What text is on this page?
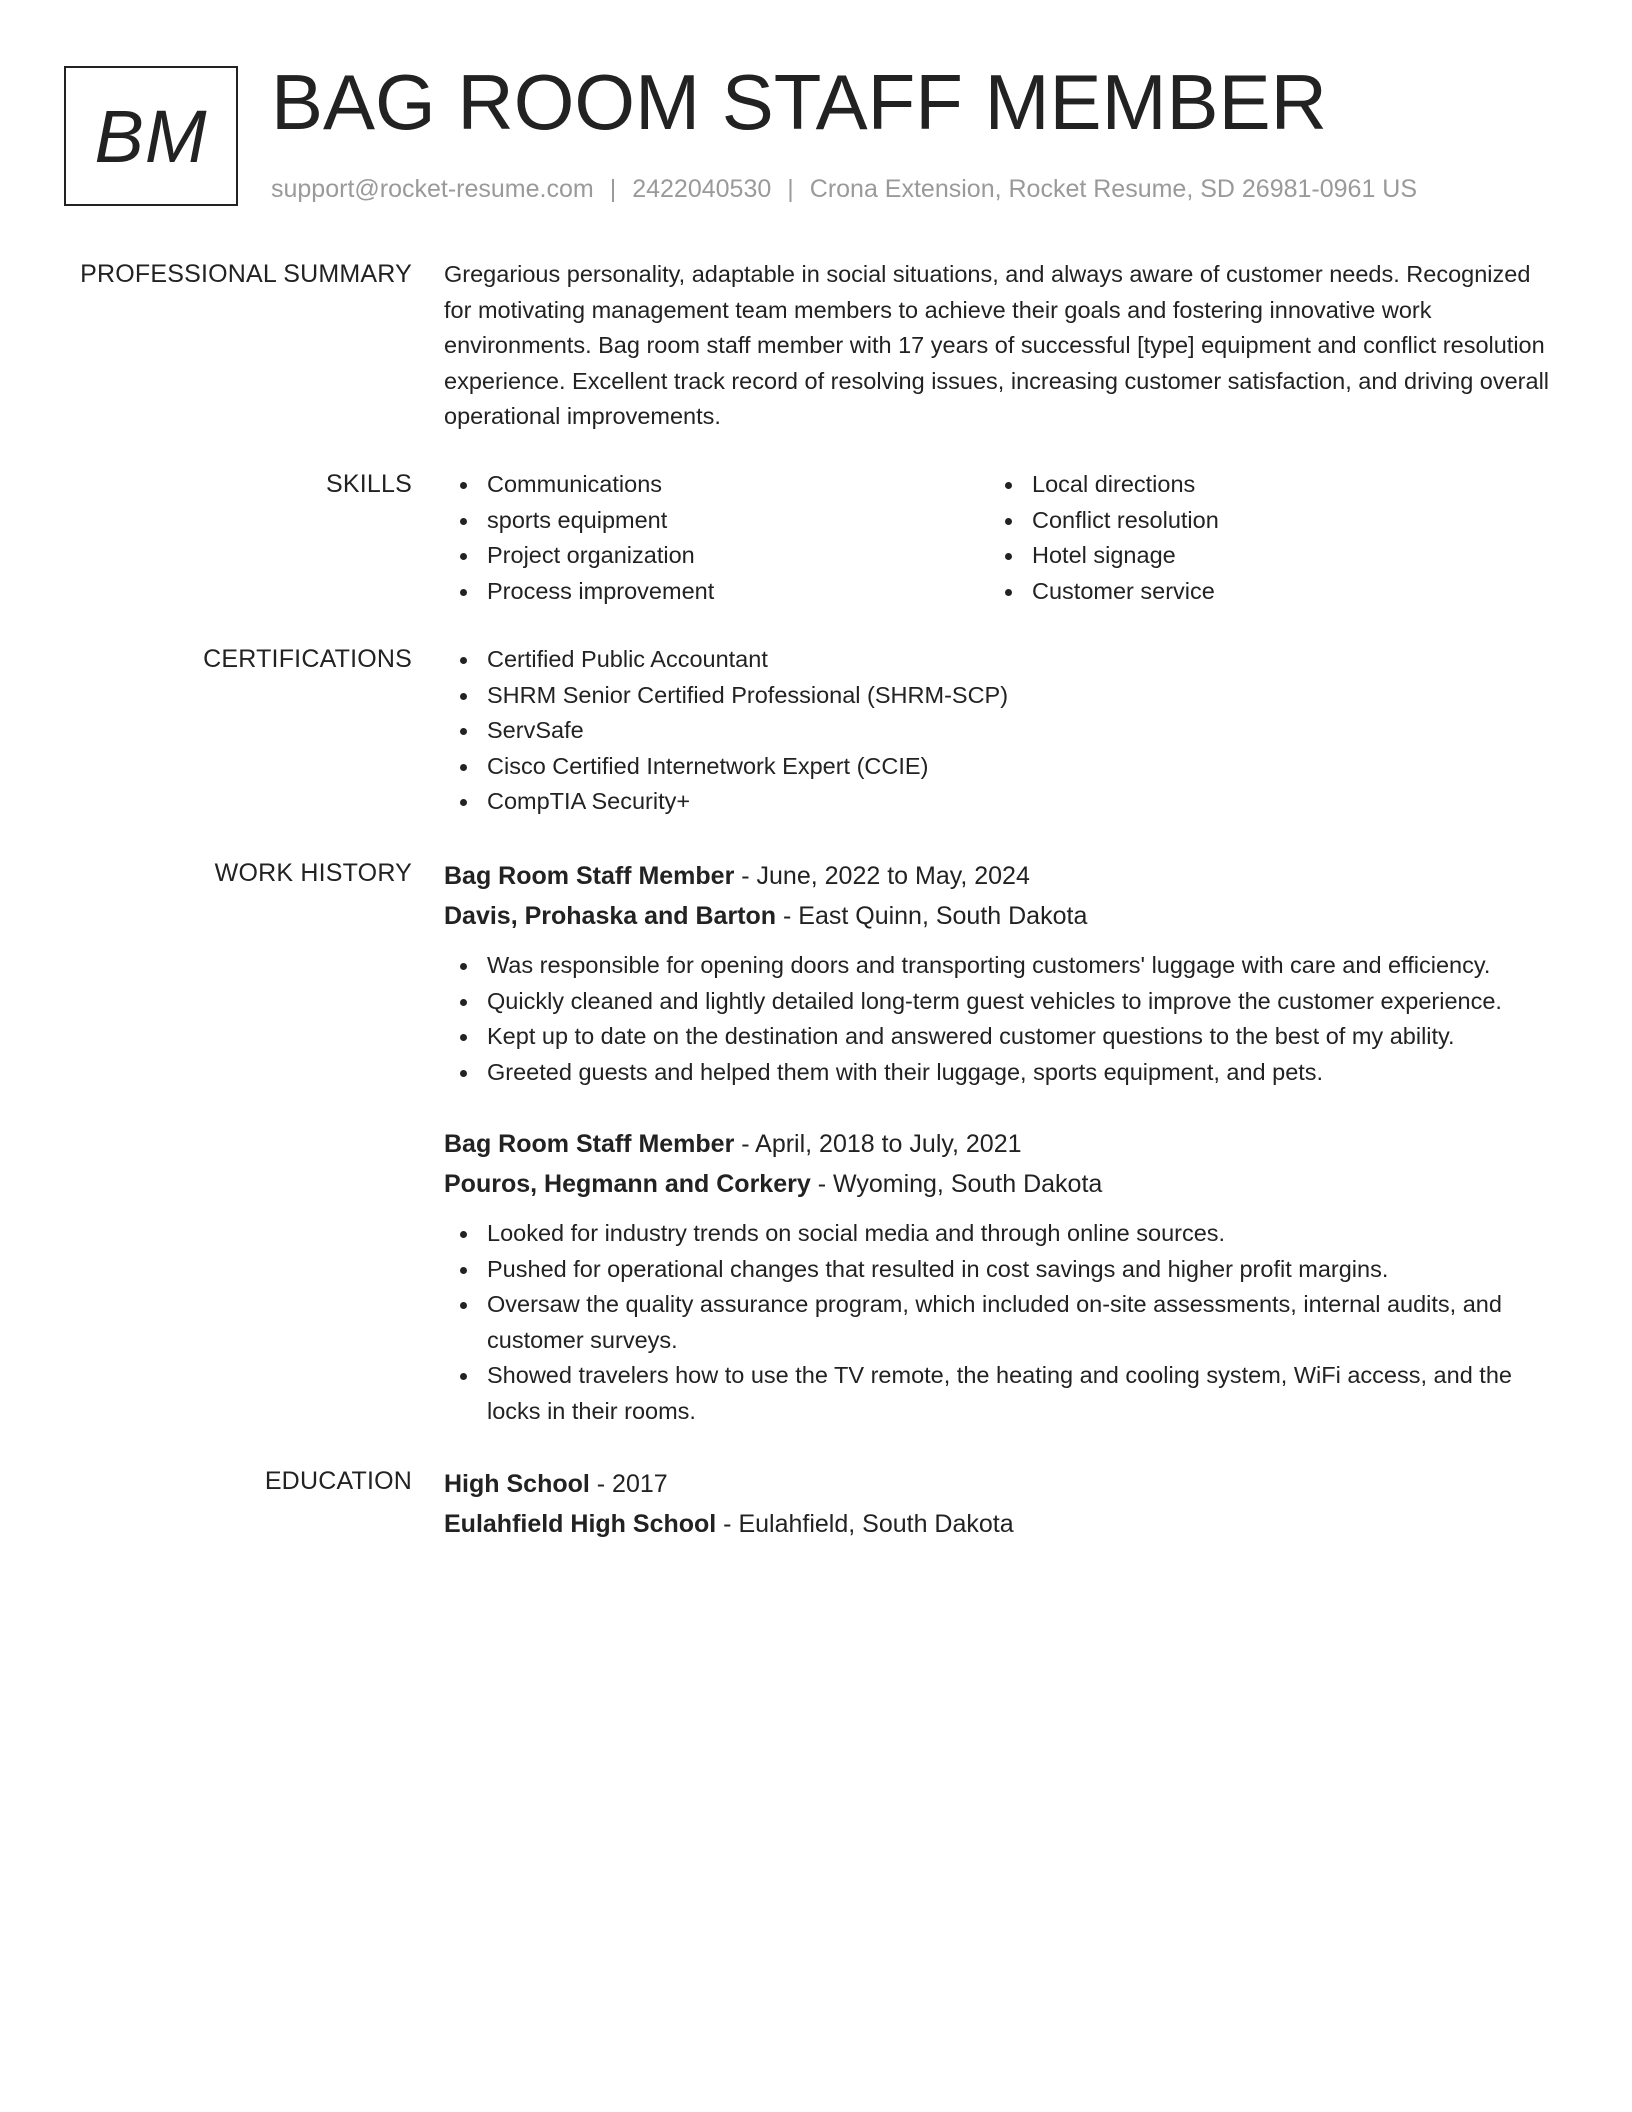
BM BAG ROOM STAFF MEMBER
support@rocket-resume.com | 2422040530 | Crona Extension, Rocket Resume, SD 26981-0961 US
PROFESSIONAL SUMMARY Gregarious personality, adaptable in social situations, and always aware of customer needs. Recognized for motivating management team members to achieve their goals and fostering innovative work environments. Bag room staff member with 17 years of successful [type] equipment and conflict resolution experience. Excellent track record of resolving issues, increasing customer satisfaction, and driving overall operational improvements.

SKILLS	Communications
sports equipment
Project organization
Process improvement
Local directions
Conflict resolution
Hotel signage
Customer service
CERTIFICATIONS	Certified Public Accountant
SHRM Senior Certified Professional (SHRM-SCP)
ServSafe
Cisco Certified Internetwork Expert (CCIE)
CompTIA Security+
WORK HISTORY Bag Room Staff Member - June, 2022 to May, 2024
Davis, Prohaska and Barton - East Quinn, South Dakota
Was responsible for opening doors and transporting customers' luggage with care and efficiency.
Quickly cleaned and lightly detailed long-term guest vehicles to improve the customer experience.
Kept up to date on the destination and answered customer questions to the best of my ability.
Greeted guests and helped them with their luggage, sports equipment, and pets.
Bag Room Staff Member - April, 2018 to July, 2021
Pouros, Hegmann and Corkery - Wyoming, South Dakota
Looked for industry trends on social media and through online sources.
Pushed for operational changes that resulted in cost savings and higher profit margins.
Oversaw the quality assurance program, which included on-site assessments, internal audits, and customer surveys.
Showed travelers how to use the TV remote, the heating and cooling system, WiFi access, and the locks in their rooms.
EDUCATION High School - 2017
Eulahfield High School - Eulahfield, South Dakota
